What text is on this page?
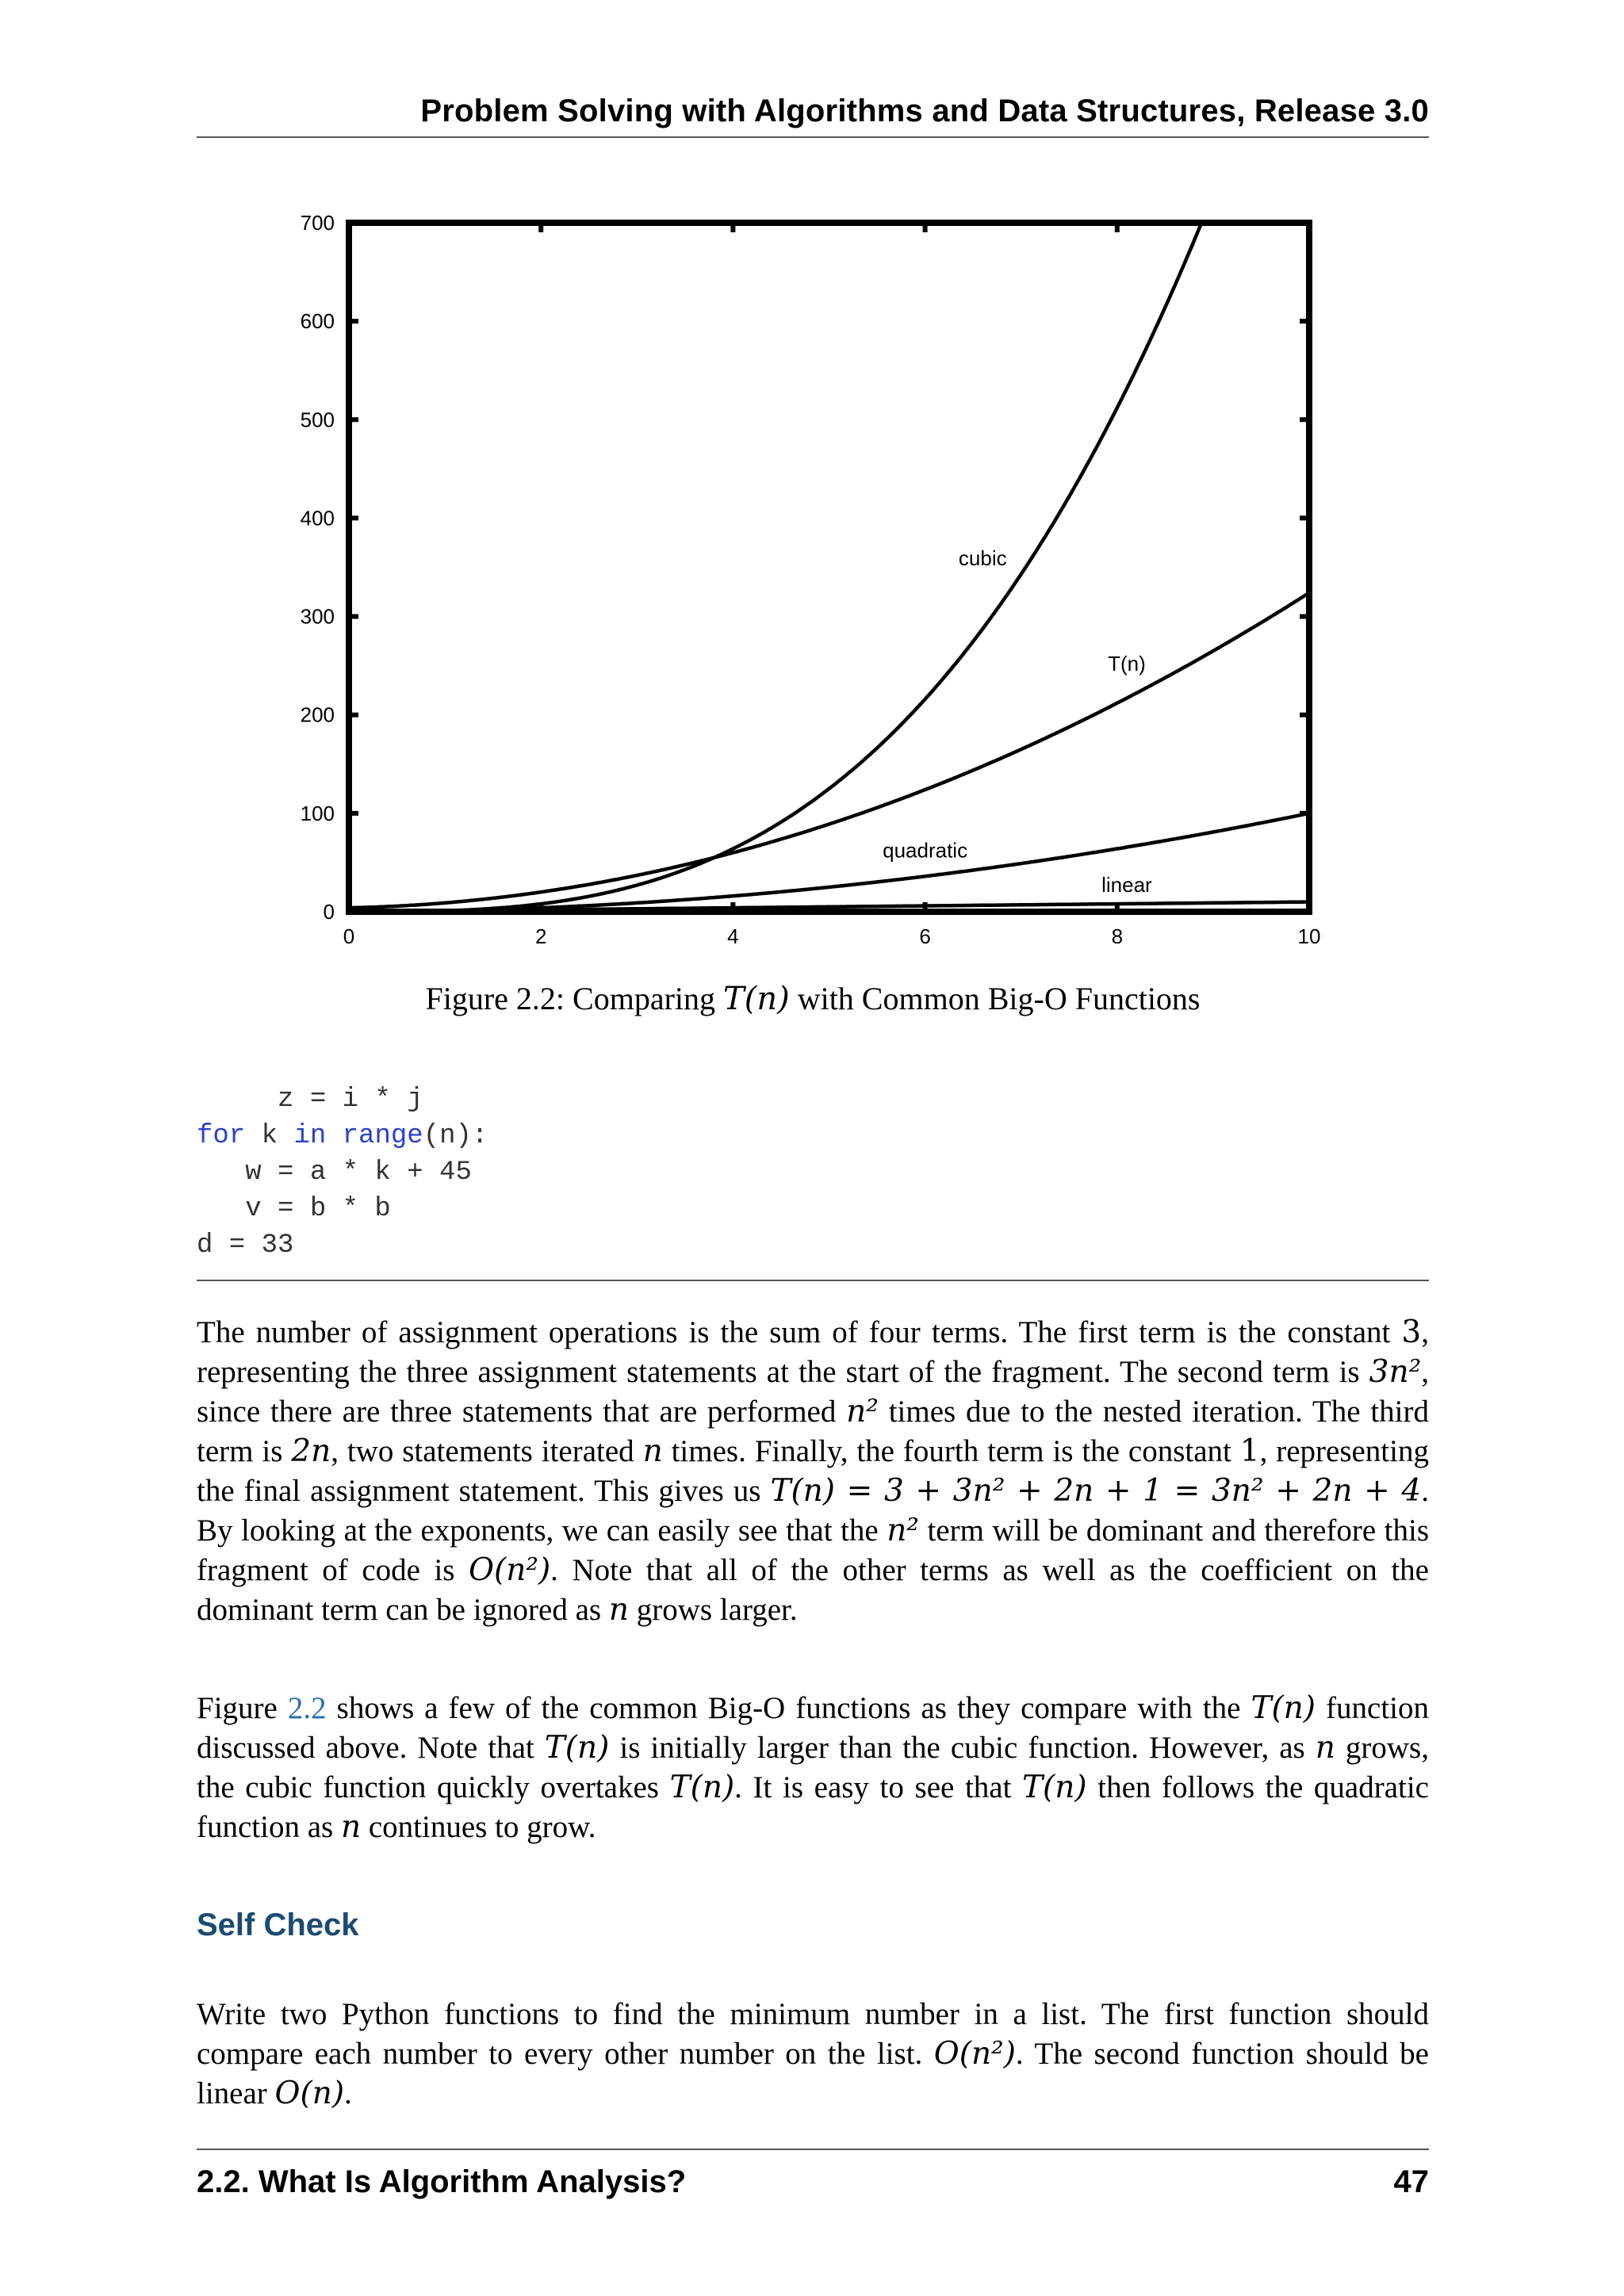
Problem Solving with Algorithms and Data Structures, Release 3.0
0	2	4	6	8	10
0
100
200
300
400
500
600
700
cubic
T(n)
quadratic
linear
Figure 2.2: Comparing T(n) with Common Big-O Functions
z = i * j
for k in range(n):
w = a * k + 45
v = b * b
d = 33

The number of assignment operations is the sum of four terms. The first term is the constant 3, representing the three assignment statements at the start of the fragment. The second term is 3n², since there are three statements that are performed n² times due to the nested iteration. The third term is 2n, two statements iterated n times. Finally, the fourth term is the constant 1, representing the final assignment statement. This gives us T(n) = 3 + 3n² + 2n + 1 = 3n² + 2n + 4. By looking at the exponents, we can easily see that the n² term will be dominant and therefore this fragment of code is O(n²). Note that all of the other terms as well as the coefficient on the dominant term can be ignored as n grows larger.

Figure 2.2 shows a few of the common Big-O functions as they compare with the T(n) function discussed above. Note that T(n) is initially larger than the cubic function. However, as n grows, the cubic function quickly overtakes T(n). It is easy to see that T(n) then follows the quadratic function as n continues to grow.

Self Check

Write two Python functions to find the minimum number in a list. The first function should compare each number to every other number on the list. O(n²). The second function should be linear O(n).

2.2. What Is Algorithm Analysis?	47
